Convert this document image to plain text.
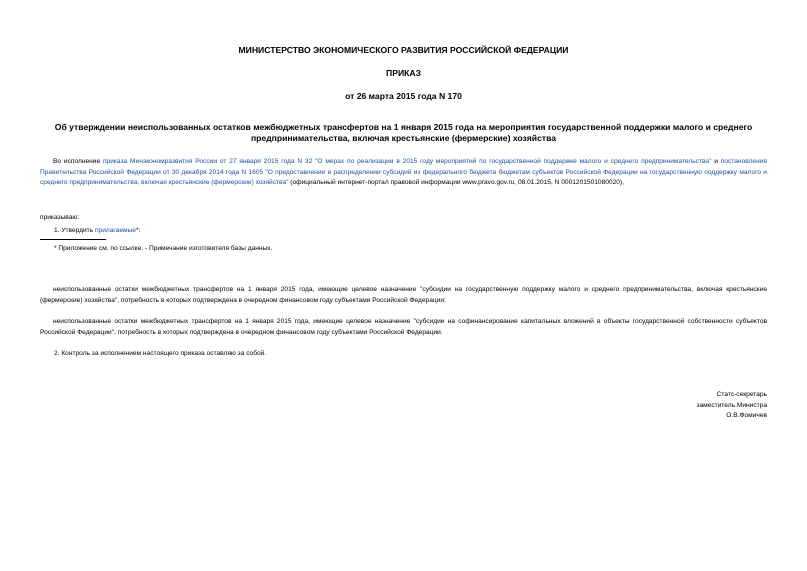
МИНИСТЕРСТВО ЭКОНОМИЧЕСКОГО РАЗВИТИЯ РОССИЙСКОЙ ФЕДЕРАЦИИ
ПРИКАЗ
от 26 марта 2015 года N 170
Об утверждении неиспользованных остатков межбюджетных трансфертов на 1 января 2015 года на мероприятия государственной поддержки малого и среднего предпринимательства, включая крестьянские (фермерские) хозяйства
Во исполнение приказа Минэкономразвития России от 27 января 2015 года N 32 "О мерах по реализации в 2015 году мероприятий по государственной поддержке малого и среднего предпринимательства" и постановления Правительства Российской Федерации от 30 декабря 2014 года N 1605 "О предоставлении и распределении субсидий из федерального бюджета бюджетам субъектов Российской Федерации на государственную поддержку малого и среднего предпринимательства, включая крестьянские (фермерские) хозяйства" (официальный интернет-портал правовой информации www.pravo.gov.ru, 08.01.2015, N 0001201501080020),
приказываю:
1. Утвердить прилагаемые*:
* Приложение см. по ссылке. - Примечание изготовителя базы данных.
неиспользованные остатки межбюджетных трансфертов на 1 января 2015 года, имеющие целевое назначение "субсидии на государственную поддержку малого и среднего предпринимательства, включая крестьянские (фермерские) хозяйства", потребность в которых подтверждена в очередном финансовом году субъектами Российской Федерации;
неиспользованные остатки межбюджетных трансфертов на 1 января 2015 года, имеющие целевое назначение "субсидии на софинансирование капитальных вложений в объекты государственной собственности субъектов Российской Федерации", потребность в которых подтверждена в очередном финансовом году субъектами Российской Федерации.
2. Контроль за исполнением настоящего приказа оставляю за собой.
Статс-секретарь
заместитель Министра
О.В.Фомичев
